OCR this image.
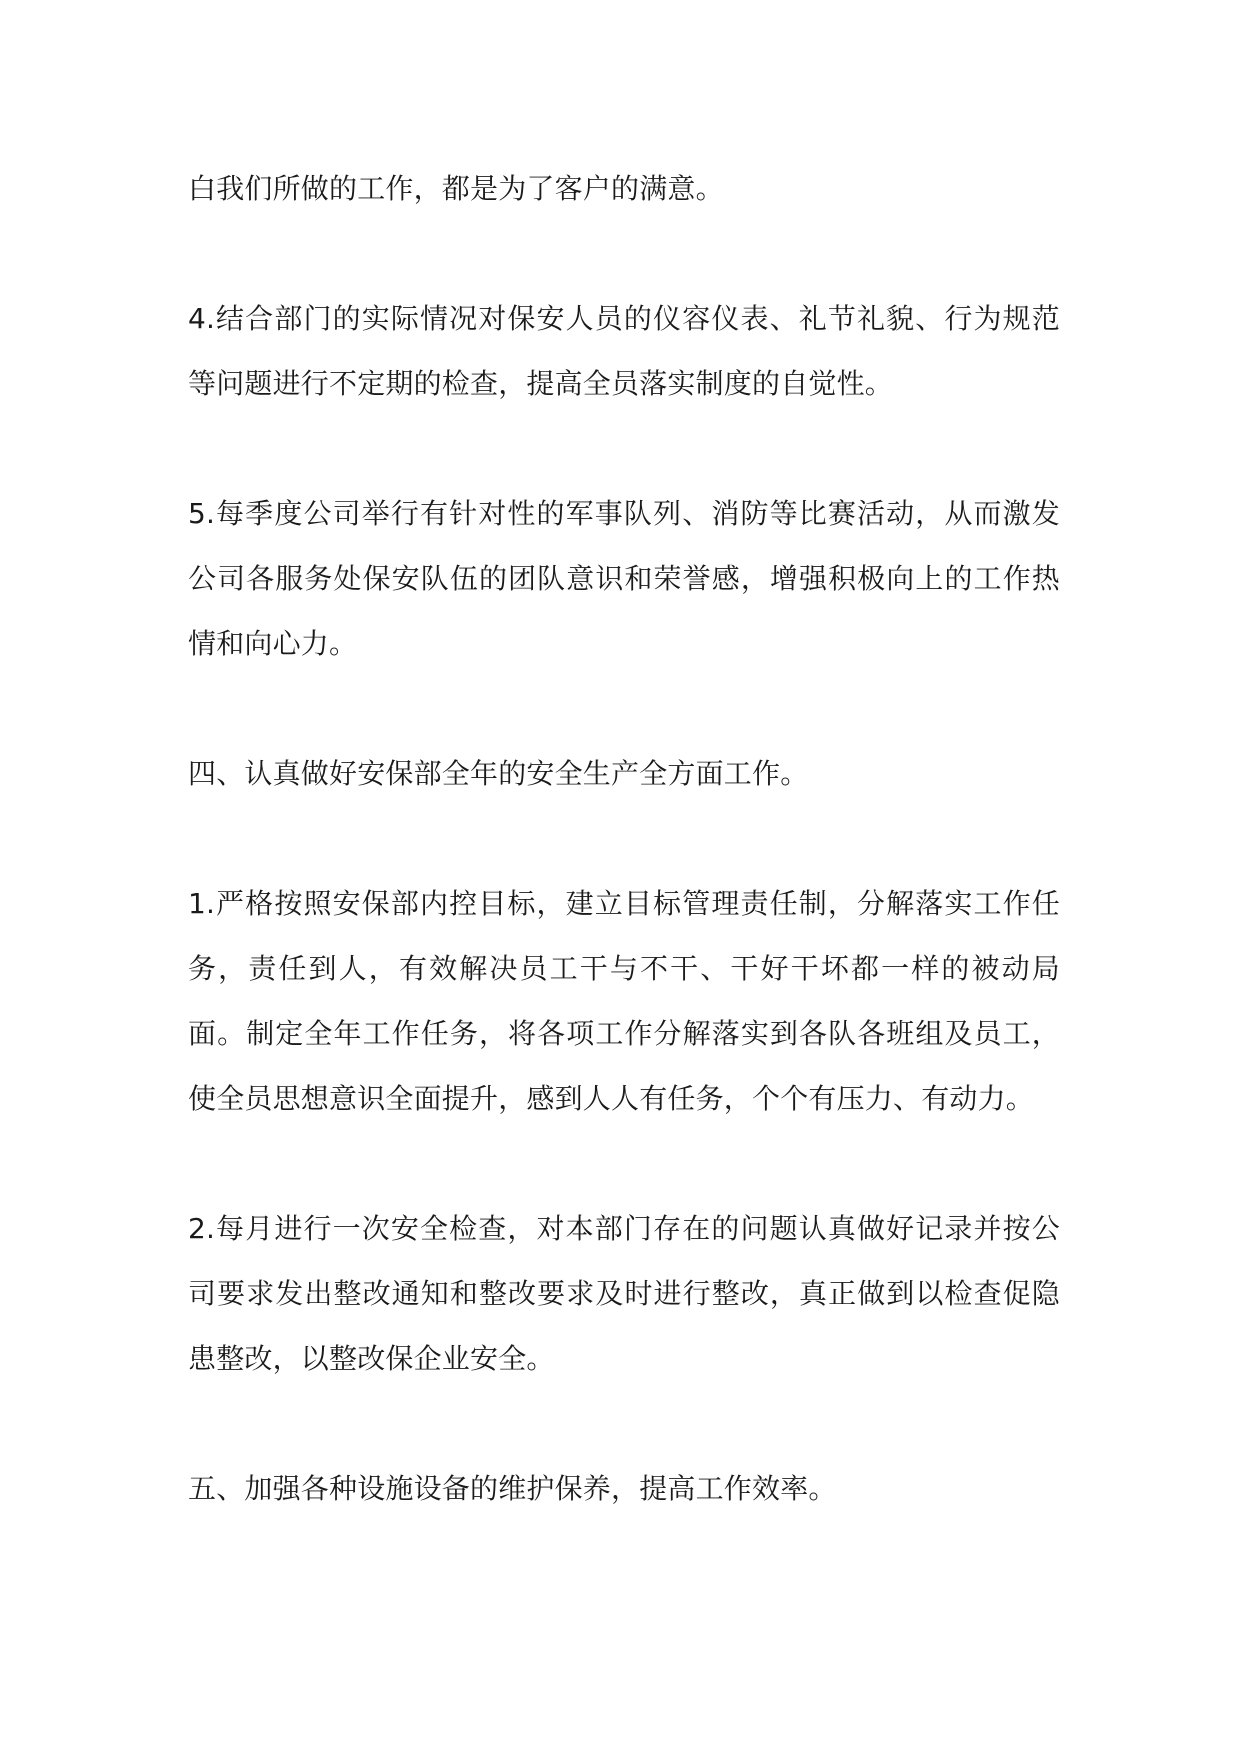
白我们所做的工作，都是为了客户的满意。

4.结合部门的实际情况对保安人员的仪容仪表、礼节礼貌、行为规范等问题进行不定期的检查，提高全员落实制度的自觉性。

5.每季度公司举行有针对性的军事队列、消防等比赛活动，从而激发公司各服务处保安队伍的团队意识和荣誉感，增强积极向上的工作热情和向心力。

四、认真做好安保部全年的安全生产全方面工作。

1.严格按照安保部内控目标，建立目标管理责任制，分解落实工作任务，责任到人，有效解决员工干与不干、干好干坏都一样的被动局面。制定全年工作任务，将各项工作分解落实到各队各班组及员工，使全员思想意识全面提升，感到人人有任务，个个有压力、有动力。

2.每月进行一次安全检查，对本部门存在的问题认真做好记录并按公司要求发出整改通知和整改要求及时进行整改，真正做到以检查促隐患整改，以整改保企业安全。

五、加强各种设施设备的维护保养，提高工作效率。
